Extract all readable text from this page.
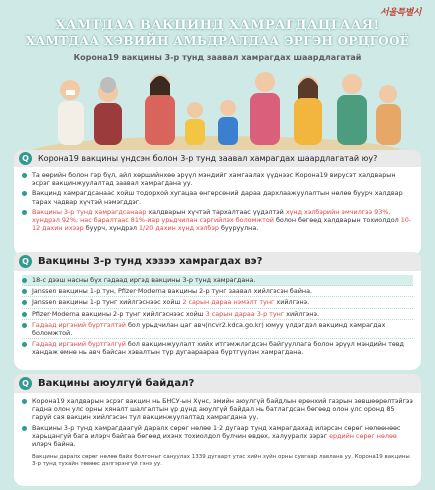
서울특별시
ХАМТДАА ВАКЦИНД ХАМРАГДАЦГААЯ!
ХАМТДАА ХЭВИЙН АМЬДРАЛДАА ЭРГЭН ОРЦГООЁ
Корона19 вакцины 3-р тунд заавал хамрагдах шаардлагатай
Q	Корона19 вакцины үндсэн болон 3-р тунд заавал хамрагдах шаардлагатай юу?
Та өөрийн болон гэр бүл, айл хөршийнхөө эрүүл мэндийг хамгаалах үүднээс Корона19 вирусэт халдварын эсрэг вакцинжуулалтад заавал хамрагдана уу.
Вакцинд хамрагдсанаас хойш тодорхой хугацаа өнгөрсөний дараа дархлаажуулалтын нөлөө буурч халдвар тарах чадвар хүчтэй нэмэгддэг.
Вакцины 3-р тунд хамрагдсанаар халдварын хүчтэй тархалтаас үүдэлтэй хүнд хэлбэрийн эмчилгээ 93%, хүндрэл 92%, нас баралтаас 81%-иар урьдчилан сэргийлэх боломжтой болон бөгөөд халдварын тохиолдол 10-12 дахин ихээр буурч, хүндрэл 1/20 дахин хүнд хэлбэр бууруулна.
Q Вакцины 3-р тунд хэзээ хамрагдах вэ?
18-с дээш насны бүх гадаад иргэд вакцины 3-р тунд хамрагдана.
Janssen вакцины 1-р тун, Pfizer·Moderna вакцины 2-р тунг заавал хийлгэсэн байна.
Janssen вакцины 1-р тунг хийлгэснээс хойш 2 сарын дараа нэмэлт тунг хийлгэнэ.
Pfizer·Moderna вакцины 2-р тунг хийлгэснээс хойш 3 сарын дараа 3-р тунг хийлгэнэ.
Гадаад иргэний бүртгэлтэй бол урьдчилан цаг авч(ncvr2.kdca.go.kr) юмуу үлдэгдэл вакцинд хамрагдах боломжтой.
Гадаад иргэний бүртгэлгүй бол вакцинжуулалт хийх итгэмжлэгдсэн байгууллага болон эрүүл мэндийн төвд хандаж өмнө нь авч байсан хэвалтын түр дугаараараа бүртгүүлэн хамрагдана.
Q Вакцины аюулгүй байдал?
Корона19 халдварын эсрэг вакцин нь БНСУ-ын Хүнс, эмийн аюулгүй байдлын ерөнхий газрын зөвшөөрөлтэйгээ гадна олон улс орны хяналт шалгалтын үр дүнд аюулгүй байдал нь батлагдсан бөгөөд олон улс оронд 85 гаруй сая вакцин хийлгэсэн тул вакцинжуулалтад хамрагдана уу.
Вакцины 3-р тунд хамрагдаагүй даралх сөрөг нөлөө 1·2 дугаар тунд хамрагдахад илэрсэн сөрөг нөлөөнөөс харьцангуй бага илэрч байгаа бөгөөд ихэнх тохиолдол булчин өвдөх, халууралх зэрэг ердийн сөрөг нөлөө илэрч байна.
Вакцины даралх сөрөг нөлөө байх болгоныг сануулах 1339 дугаарт утас хийн зүйн орны сувгаар лавлана уу. Корона19 вакцины 3-р тунд тухайн төвөөс дэлгэрэнгүй гэнэ уу.
